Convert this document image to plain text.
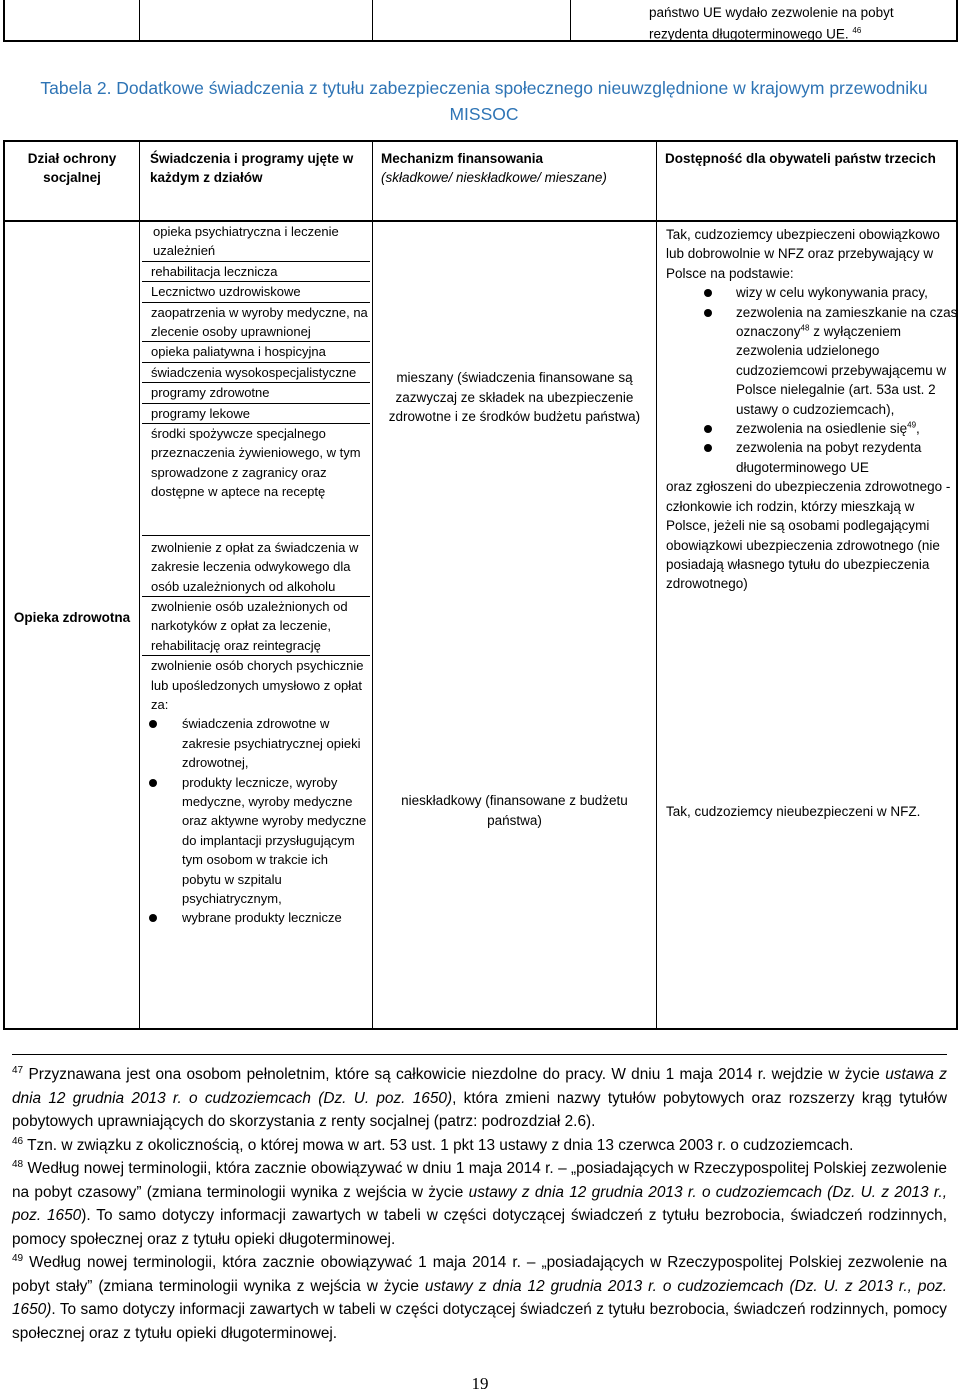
państwo UE wydało zezwolenie na pobyt
rezydenta długoterminowego UE. $^{46}$
Tabela 2. Dodatkowe świadczenia z tytułu zabezpieczenia społecznego nieuwzględnione w krajowym przewodniku MISSOC
Dział ochrony socjalnej
Świadczenia i programy ujęte w każdym z działów
Mechanizm finansowania
(składkowe/ nieskładkowe/ mieszane)
Dostępność dla obywateli państw trzecich
Opieka zdrowotna
opieka psychiatryczna i leczenie uzależnień
rehabilitacja lecznicza
Lecznictwo uzdrowiskowe
zaopatrzenia w wyroby medyczne, na zlecenie osoby uprawnionej
opieka paliatywna i hospicyjna
świadczenia wysokospecjalistyczne
programy zdrowotne
programy lekowe
środki spożywcze specjalnego przeznaczenia żywieniowego, w tym sprowadzone z zagranicy oraz dostępne w aptece na receptę
zwolnienie z opłat za świadczenia w zakresie leczenia odwykowego dla osób uzależnionych od alkoholu
zwolnienie osób uzależnionych od narkotyków z opłat za leczenie, rehabilitację oraz reintegrację
zwolnienie osób chorych psychicznie lub upośledzonych umysłowo z opłat za:
świadczenia zdrowotne w zakresie psychiatrycznej opieki zdrowotnej,
produkty lecznicze, wyroby medyczne, wyroby medyczne oraz aktywne wyroby medyczne do implantacji przysługującym tym osobom w trakcie ich pobytu w szpitalu psychiatrycznym,
wybrane produkty lecznicze
mieszany (świadczenia finansowane są zazwyczaj ze składek na ubezpieczenie zdrowotne i ze środków budżetu państwa)
nieskładkowy (finansowane z budżetu państwa)
Tak, cudzoziemcy ubezpieczeni obowiązkowo lub dobrowolnie w NFZ oraz przebywający w Polsce na podstawie:
wizy w celu wykonywania pracy,
zezwolenia na zamieszkanie na czas oznaczony$^{48}$ z wyłączeniem zezwolenia udzielonego cudzoziemcowi przebywającemu w Polsce nielegalnie (art. 53a ust. 2 ustawy o cudzoziemcach),
zezwolenia na osiedlenie się$^{49}$,
zezwolenia na pobyt rezydenta długoterminowego UE
oraz zgłoszeni do ubezpieczenia zdrowotnego - członkowie ich rodzin, którzy mieszkają w Polsce, jeżeli nie są osobami podlegającymi obowiązkowi ubezpieczenia zdrowotnego (nie posiadają własnego tytułu do ubezpieczenia zdrowotnego)
Tak, cudzoziemcy nieubezpieczeni w NFZ.

$^{47}$ Przyznawana jest ona osobom pełnoletnim, które są całkowicie niezdolne do pracy. W dniu 1 maja 2014 r. wejdzie w życie ustawa z dnia 12 grudnia 2013 r. o cudzoziemcach (Dz. U. poz. 1650), która zmieni nazwy tytułów pobytowych oraz rozszerzy krąg tytułów pobytowych uprawniających do skorzystania z renty socjalnej (patrz: podrozdział 2.6).

$^{46}$ Tzn. w związku z okolicznością, o której mowa w art. 53 ust. 1 pkt 13 ustawy z dnia 13 czerwca 2003 r. o cudzoziemcach.

$^{48}$ Według nowej terminologii, która zacznie obowiązywać w dniu 1 maja 2014 r. – „posiadających w Rzeczypospolitej Polskiej zezwolenie na pobyt czasowy” (zmiana terminologii wynika z wejścia w życie ustawy z dnia 12 grudnia 2013 r. o cudzoziemcach (Dz. U. z 2013 r., poz. 1650). To samo dotyczy informacji zawartych w tabeli w części dotyczącej świadczeń z tytułu bezrobocia, świadczeń rodzinnych, pomocy społecznej oraz z tytułu opieki długoterminowej.

$^{49}$ Według nowej terminologii, która zacznie obowiązywać 1 maja 2014 r. – „posiadających w Rzeczypospolitej Polskiej zezwolenie na pobyt stały” (zmiana terminologii wynika z wejścia w życie ustawy z dnia 12 grudnia 2013 r. o cudzoziemcach (Dz. U. z 2013 r., poz. 1650). To samo dotyczy informacji zawartych w tabeli w części dotyczącej świadczeń z tytułu bezrobocia, świadczeń rodzinnych, pomocy społecznej oraz z tytułu opieki długoterminowej.

19
